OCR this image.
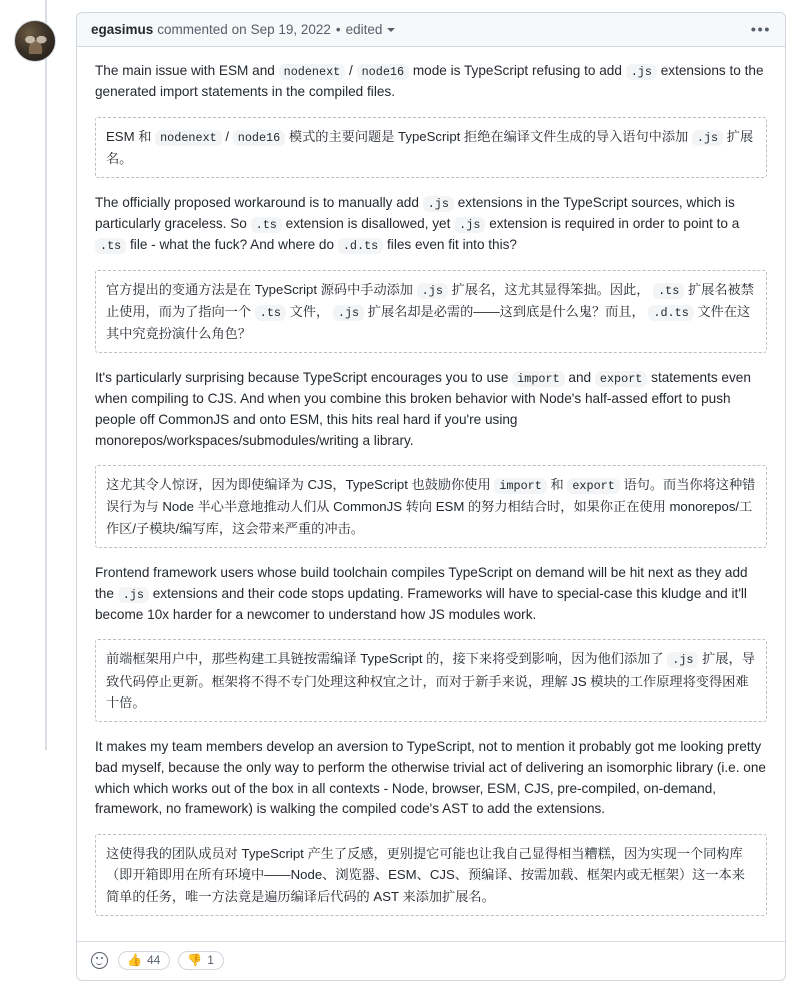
egasimus commented on Sep 19, 2022 • edited	•••
The main issue with ESM and nodenext / node16 mode is TypeScript refusing to add .js extensions to the generated import statements in the compiled files.
ESM 和 nodenext / node16 模式的主要问题是 TypeScript 拒绝在编译文件生成的导入语句中添加 .js 扩展名。
The officially proposed workaround is to manually add .js extensions in the TypeScript sources, which is particularly graceless. So .ts extension is disallowed, yet .js extension is required in order to point to a .ts file - what the fuck? And where do .d.ts files even fit into this?
官方提出的变通方法是在 TypeScript 源码中手动添加 .js 扩展名，这尤其显得笨拙。因此， .ts 扩展名被禁止使用，而为了指向一个 .ts 文件， .js 扩展名却是必需的——这到底是什么鬼？而且， .d.ts 文件在这其中究竟扮演什么角色？
It's particularly surprising because TypeScript encourages you to use import and export statements even when compiling to CJS. And when you combine this broken behavior with Node's half-assed effort to push people off CommonJS and onto ESM, this hits real hard if you're using monorepos/workspaces/submodules/writing a library.
这尤其令人惊讶，因为即使编译为 CJS，TypeScript 也鼓励你使用 import 和 export 语句。而当你将这种错误行为与 Node 半心半意地推动人们从 CommonJS 转向 ESM 的努力相结合时，如果你正在使用 monorepos/工作区/子模块/编写库，这会带来严重的冲击。
Frontend framework users whose build toolchain compiles TypeScript on demand will be hit next as they add the .js extensions and their code stops updating. Frameworks will have to special-case this kludge and it'll become 10x harder for a newcomer to understand how JS modules work.
前端框架用户中，那些构建工具链按需编译 TypeScript 的，接下来将受到影响，因为他们添加了 .js 扩展，导致代码停止更新。框架将不得不专门处理这种权宜之计，而对于新手来说，理解 JS 模块的工作原理将变得困难十倍。
It makes my team members develop an aversion to TypeScript, not to mention it probably got me looking pretty bad myself, because the only way to perform the otherwise trivial act of delivering an isomorphic library (i.e. one which which works out of the box in all contexts - Node, browser, ESM, CJS, pre-compiled, on-demand, framework, no framework) is walking the compiled code's AST to add the extensions.
这使得我的团队成员对 TypeScript 产生了反感，更别提它可能也让我自己显得相当糟糕，因为实现一个同构库（即开箱即用在所有环境中——Node、浏览器、ESM、CJS、预编译、按需加载、框架内或无框架）这一本来简单的任务，唯一方法竟是遍历编译后代码的 AST 来添加扩展名。
👍 44 👎 1
